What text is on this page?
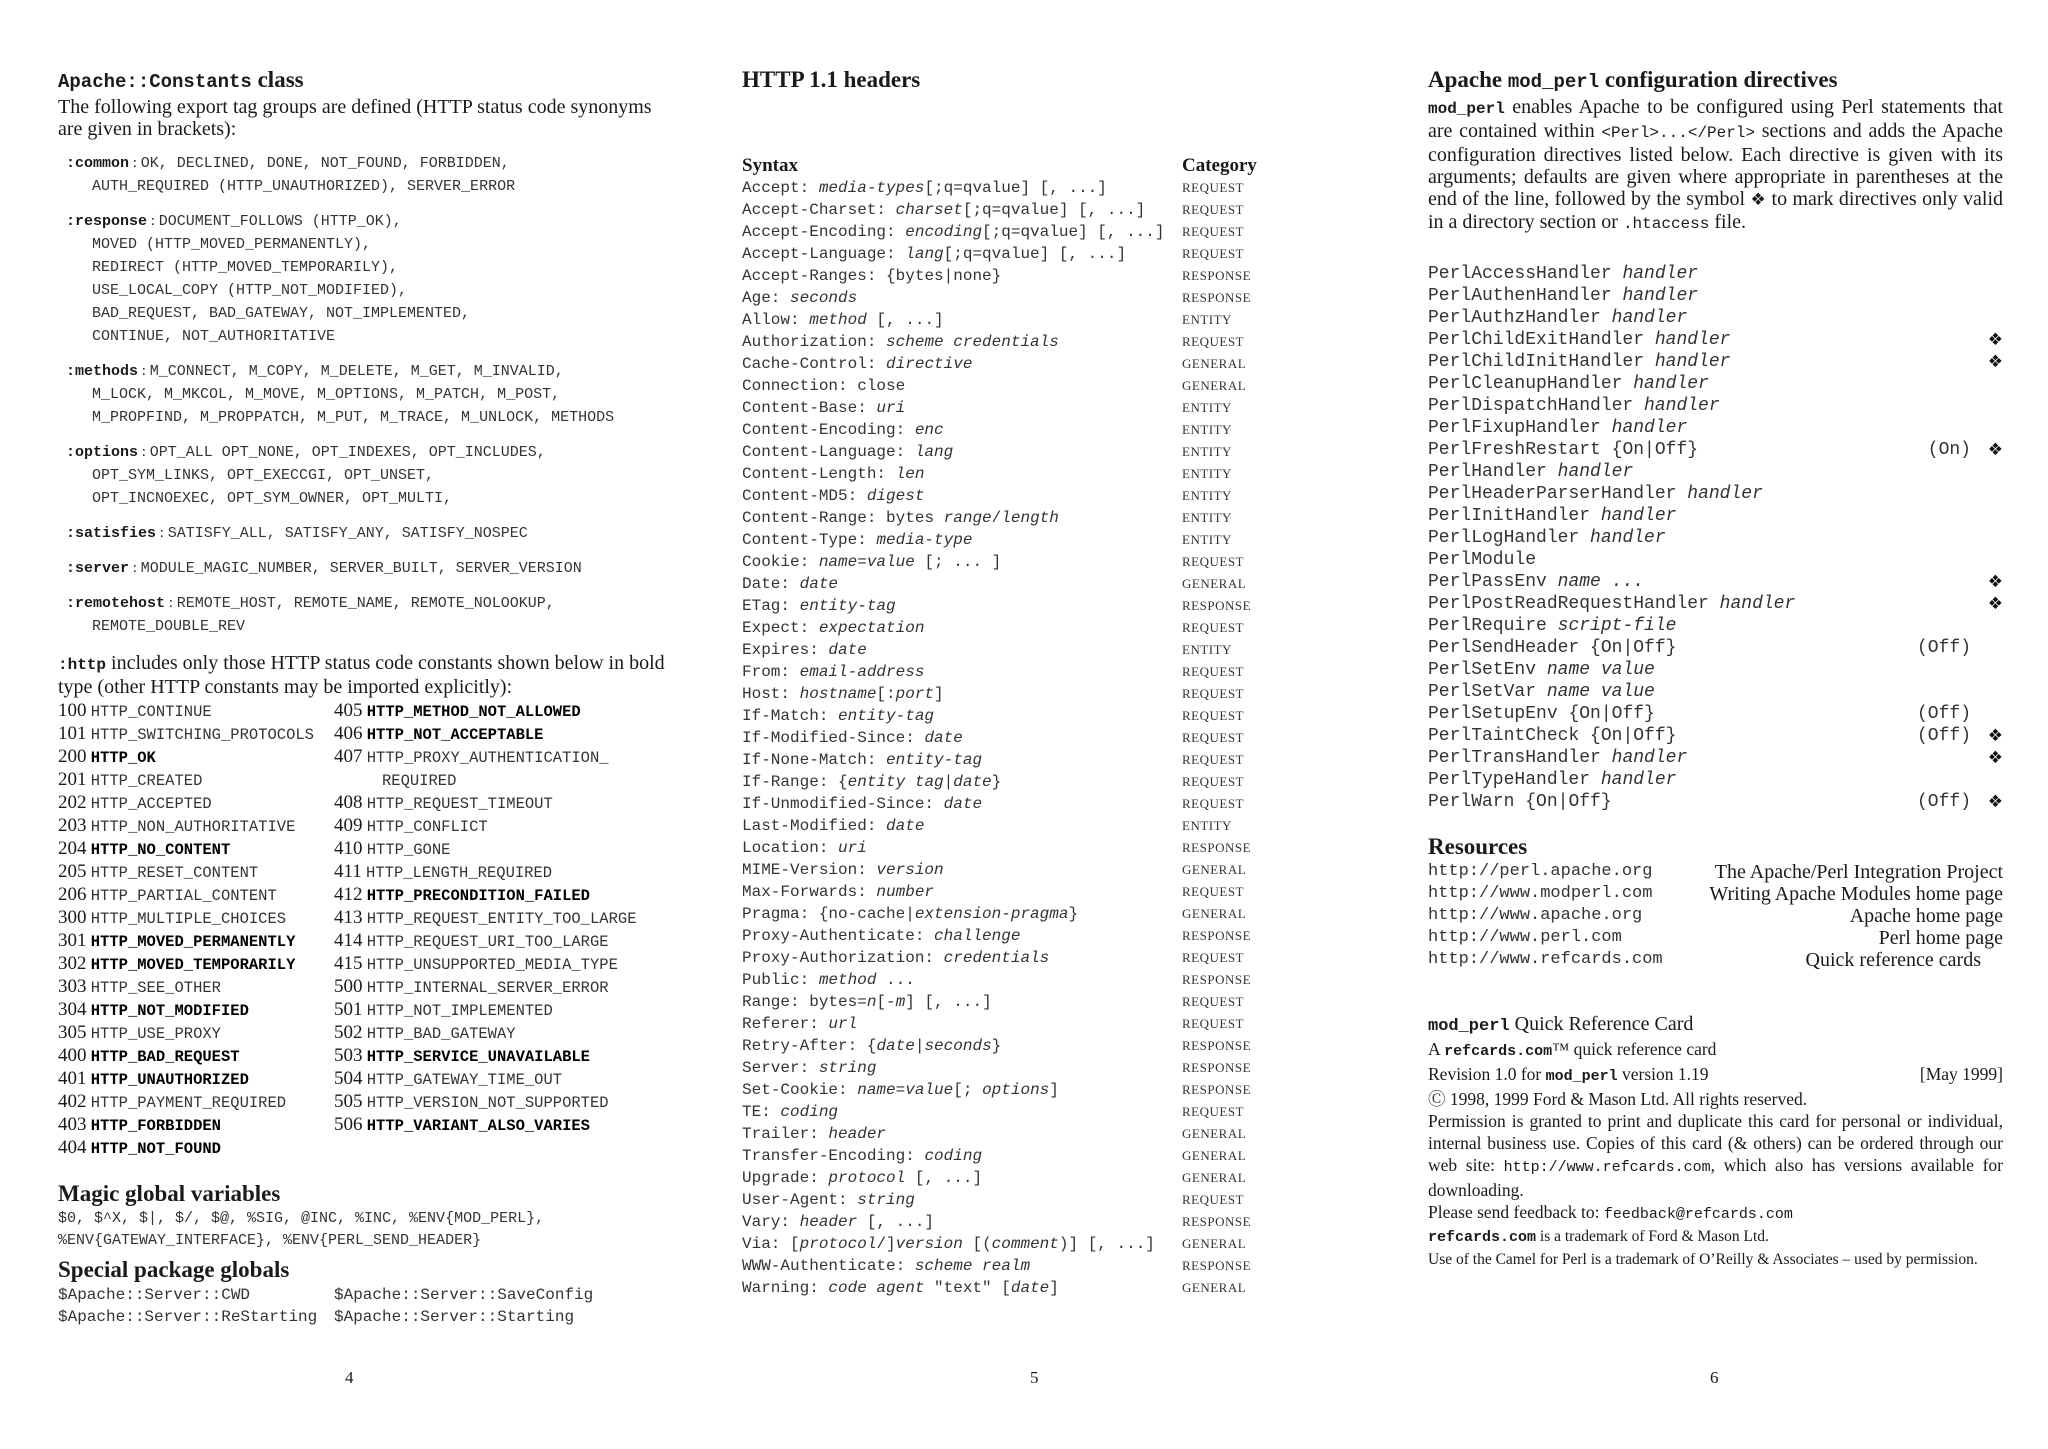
Apache::Constants class
The following export tag groups are defined (HTTP status code synonyms are given in brackets):
:common : OK, DECLINED, DONE, NOT_FOUND, FORBIDDEN,
AUTH_REQUIRED (HTTP_UNAUTHORIZED), SERVER_ERROR
:response : DOCUMENT_FOLLOWS (HTTP_OK),
MOVED (HTTP_MOVED_PERMANENTLY),
REDIRECT (HTTP_MOVED_TEMPORARILY),
USE_LOCAL_COPY (HTTP_NOT_MODIFIED),
BAD_REQUEST, BAD_GATEWAY, NOT_IMPLEMENTED,
CONTINUE, NOT_AUTHORITATIVE
:methods : M_CONNECT, M_COPY, M_DELETE, M_GET, M_INVALID,
M_LOCK, M_MKCOL, M_MOVE, M_OPTIONS, M_PATCH, M_POST,
M_PROPFIND, M_PROPPATCH, M_PUT, M_TRACE, M_UNLOCK, METHODS
:options : OPT_ALL OPT_NONE, OPT_INDEXES, OPT_INCLUDES,
OPT_SYM_LINKS, OPT_EXECCGI, OPT_UNSET,
OPT_INCNOEXEC, OPT_SYM_OWNER, OPT_MULTI,
:satisfies : SATISFY_ALL, SATISFY_ANY, SATISFY_NOSPEC
:server : MODULE_MAGIC_NUMBER, SERVER_BUILT, SERVER_VERSION
:remotehost : REMOTE_HOST, REMOTE_NAME, REMOTE_NOLOOKUP,
REMOTE_DOUBLE_REV
:http includes only those HTTP status code constants shown below in bold type (other HTTP constants may be imported explicitly):
100 HTTP_CONTINUE
101 HTTP_SWITCHING_PROTOCOLS
200 HTTP_OK
201 HTTP_CREATED
202 HTTP_ACCEPTED
203 HTTP_NON_AUTHORITATIVE
204 HTTP_NO_CONTENT
205 HTTP_RESET_CONTENT
206 HTTP_PARTIAL_CONTENT
300 HTTP_MULTIPLE_CHOICES
301 HTTP_MOVED_PERMANENTLY
302 HTTP_MOVED_TEMPORARILY
303 HTTP_SEE_OTHER
304 HTTP_NOT_MODIFIED
305 HTTP_USE_PROXY
400 HTTP_BAD_REQUEST
401 HTTP_UNAUTHORIZED
402 HTTP_PAYMENT_REQUIRED
403 HTTP_FORBIDDEN
404 HTTP_NOT_FOUND
405 HTTP_METHOD_NOT_ALLOWED
406 HTTP_NOT_ACCEPTABLE
407 HTTP_PROXY_AUTHENTICATION_
REQUIRED
408 HTTP_REQUEST_TIMEOUT
409 HTTP_CONFLICT
410 HTTP_GONE
411 HTTP_LENGTH_REQUIRED
412 HTTP_PRECONDITION_FAILED
413 HTTP_REQUEST_ENTITY_TOO_LARGE
414 HTTP_REQUEST_URI_TOO_LARGE
415 HTTP_UNSUPPORTED_MEDIA_TYPE
500 HTTP_INTERNAL_SERVER_ERROR
501 HTTP_NOT_IMPLEMENTED
502 HTTP_BAD_GATEWAY
503 HTTP_SERVICE_UNAVAILABLE
504 HTTP_GATEWAY_TIME_OUT
505 HTTP_VERSION_NOT_SUPPORTED
506 HTTP_VARIANT_ALSO_VARIES
Magic global variables
$0, $^X, $|, $/, $@, %SIG, @INC, %INC, %ENV{MOD_PERL},
%ENV{GATEWAY_INTERFACE}, %ENV{PERL_SEND_HEADER}
Special package globals
$Apache::Server::CWD	$Apache::Server::SaveConfig
$Apache::Server::ReStarting	$Apache::Server::Starting
4
HTTP 1.1 headers
Syntax	Category
Accept: media-types[;q=qvalue] [, ...]	REQUEST
Accept-Charset: charset[;q=qvalue] [, ...]	REQUEST
Accept-Encoding: encoding[;q=qvalue] [, ...]	REQUEST
Accept-Language: lang[;q=qvalue] [, ...]	REQUEST
Accept-Ranges: {bytes|none}	RESPONSE
Age: seconds	RESPONSE
Allow: method [, ...]	ENTITY
Authorization: scheme credentials	REQUEST
Cache-Control: directive	GENERAL
Connection: close	GENERAL
Content-Base: uri	ENTITY
Content-Encoding: enc	ENTITY
Content-Language: lang	ENTITY
Content-Length: len	ENTITY
Content-MD5: digest	ENTITY
Content-Range: bytes range/length	ENTITY
Content-Type: media-type	ENTITY
Cookie: name=value [; ... ]	REQUEST
Date: date	GENERAL
ETag: entity-tag	RESPONSE
Expect: expectation	REQUEST
Expires: date	ENTITY
From: email-address	REQUEST
Host: hostname[:port]	REQUEST
If-Match: entity-tag	REQUEST
If-Modified-Since: date	REQUEST
If-None-Match: entity-tag	REQUEST
If-Range: {entity tag|date}	REQUEST
If-Unmodified-Since: date	REQUEST
Last-Modified: date	ENTITY
Location: uri	RESPONSE
MIME-Version: version	GENERAL
Max-Forwards: number	REQUEST
Pragma: {no-cache|extension-pragma}	GENERAL
Proxy-Authenticate: challenge	RESPONSE
Proxy-Authorization: credentials	REQUEST
Public: method ...	RESPONSE
Range: bytes=n[-m] [, ...]	REQUEST
Referer: url	REQUEST
Retry-After: {date|seconds}	RESPONSE
Server: string	RESPONSE
Set-Cookie: name=value[; options]	RESPONSE
TE: coding	REQUEST
Trailer: header	GENERAL
Transfer-Encoding: coding	GENERAL
Upgrade: protocol [, ...]	GENERAL
User-Agent: string	REQUEST
Vary: header [, ...]	RESPONSE
Via: [protocol/]version [(comment)] [, ...]	GENERAL
WWW-Authenticate: scheme realm	RESPONSE
Warning: code agent "text" [date]	GENERAL
5
Apache mod_perl configuration directives
mod_perl enables Apache to be configured using Perl statements that are contained within <Perl>...</Perl> sections and adds the Apache configuration directives listed below. Each directive is given with its arguments; defaults are given where appropriate in parentheses at the end of the line, followed by the symbol ❖ to mark directives only valid in a directory section or .htaccess file.
PerlAccessHandler handler
PerlAuthenHandler handler
PerlAuthzHandler handler
PerlChildExitHandler handler	❖
PerlChildInitHandler handler	❖
PerlCleanupHandler handler
PerlDispatchHandler handler
PerlFixupHandler handler
PerlFreshRestart {On|Off}	(On) ❖
PerlHandler handler
PerlHeaderParserHandler handler
PerlInitHandler handler
PerlLogHandler handler
PerlModule
PerlPassEnv name ...	❖
PerlPostReadRequestHandler handler	❖
PerlRequire script-file
PerlSendHeader {On|Off}	(Off)
PerlSetEnv name value
PerlSetVar name value
PerlSetupEnv {On|Off}	(Off)
PerlTaintCheck {On|Off}	(Off) ❖
PerlTransHandler handler	❖
PerlTypeHandler handler
PerlWarn {On|Off}	(Off) ❖
Resources
http://perl.apache.org	The Apache/Perl Integration Project
http://www.modperl.com	Writing Apache Modules home page
http://www.apache.org	Apache home page
http://www.perl.com	Perl home page
http://www.refcards.com	Quick reference cards
mod_perl Quick Reference Card
A refcards.com™ quick reference card
Revision 1.0 for mod_perl version 1.19	[May 1999]
Ⓒ 1998, 1999 Ford & Mason Ltd. All rights reserved.
Permission is granted to print and duplicate this card for personal or individual, internal business use. Copies of this card (& others) can be ordered through our web site: http://www.refcards.com, which also has versions available for downloading.
Please send feedback to: feedback@refcards.com
refcards.com is a trademark of Ford & Mason Ltd.
Use of the Camel for Perl is a trademark of O’Reilly & Associates – used by permission.
6
